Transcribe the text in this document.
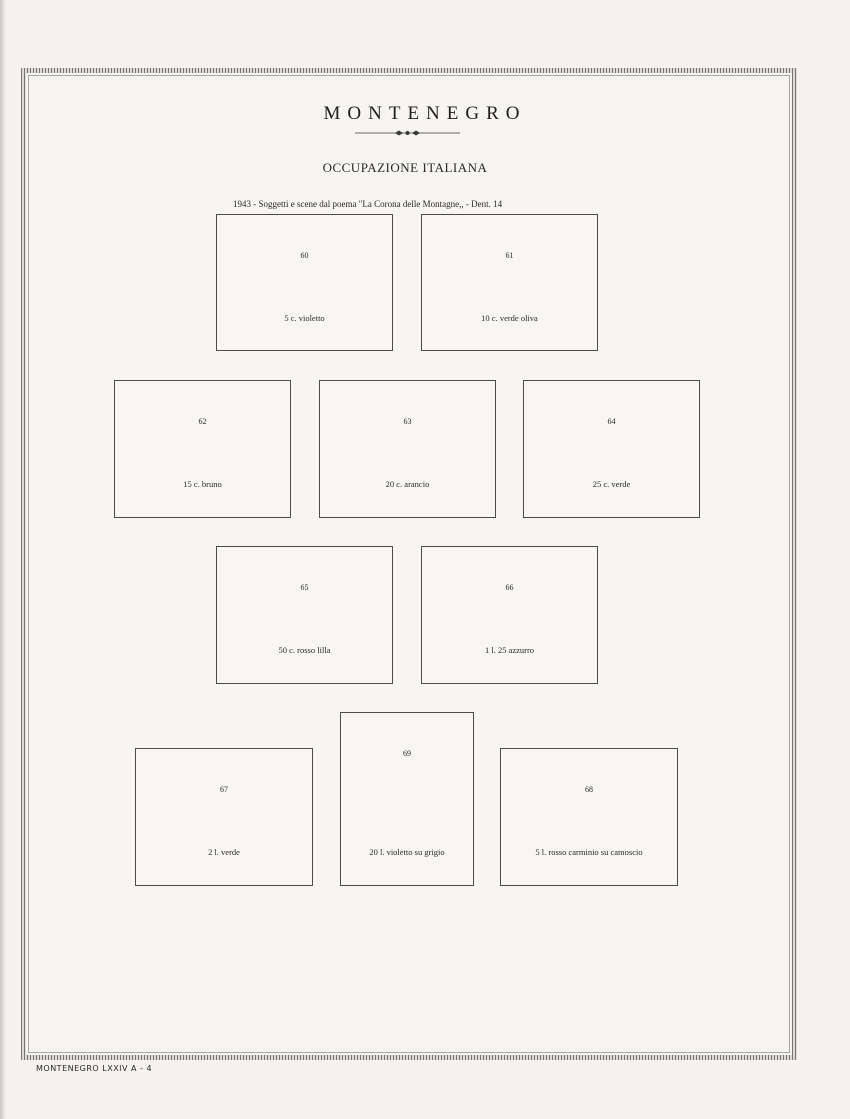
MONTENEGRO
OCCUPAZIONE ITALIANA
1943 - Soggetti e scene dal poema "La Corona delle Montagne,, - Dent. 14
60
5 c. violetto
61
10 c. verde oliva
62
15 c. bruno
63
20 c. arancio
64
25 c. verde
65
50 c. rosso lilla
66
1 l. 25 azzurro
67
2 l. verde
69
20 l. violetto su grigio
68
5 l. rosso carminio su camoscio
MONTENEGRO LXXIV A - 4
